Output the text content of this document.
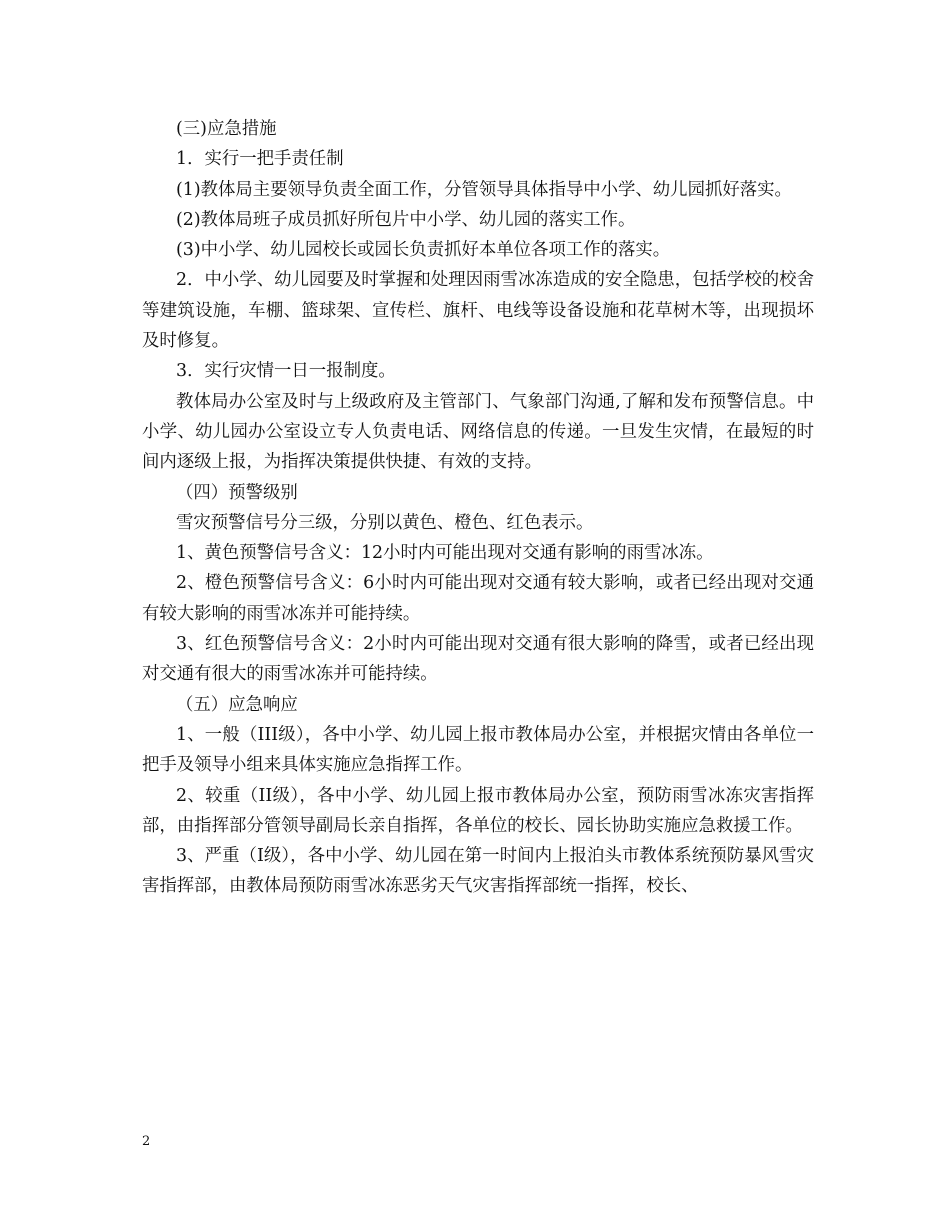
(三)应急措施

1．实行一把手责任制

(1)教体局主要领导负责全面工作，分管领导具体指导中小学、幼儿园抓好落实。

(2)教体局班子成员抓好所包片中小学、幼儿园的落实工作。

(3)中小学、幼儿园校长或园长负责抓好本单位各项工作的落实。

2．中小学、幼儿园要及时掌握和处理因雨雪冰冻造成的安全隐患，包括学校的校舍等建筑设施，车棚、篮球架、宣传栏、旗杆、电线等设备设施和花草树木等，出现损坏及时修复。

3．实行灾情一日一报制度。

教体局办公室及时与上级政府及主管部门、气象部门沟通,了解和发布预警信息。中小学、幼儿园办公室设立专人负责电话、网络信息的传递。一旦发生灾情，在最短的时间内逐级上报，为指挥决策提供快捷、有效的支持。

（四）预警级别

雪灾预警信号分三级，分别以黄色、橙色、红色表示。

1、黄色预警信号含义：12小时内可能出现对交通有影响的雨雪冰冻。

2、橙色预警信号含义：6小时内可能出现对交通有较大影响，或者已经出现对交通有较大影响的雨雪冰冻并可能持续。

3、红色预警信号含义：2小时内可能出现对交通有很大影响的降雪，或者已经出现对交通有很大的雨雪冰冻并可能持续。

（五）应急响应

1、一般（III级），各中小学、幼儿园上报市教体局办公室，并根据灾情由各单位一把手及领导小组来具体实施应急指挥工作。

2、较重（II级），各中小学、幼儿园上报市教体局办公室，预防雨雪冰冻灾害指挥部，由指挥部分管领导副局长亲自指挥，各单位的校长、园长协助实施应急救援工作。

3、严重（I级），各中小学、幼儿园在第一时间内上报泊头市教体系统预防暴风雪灾害指挥部，由教体局预防雨雪冰冻恶劣天气灾害指挥部统一指挥，校长、

2
